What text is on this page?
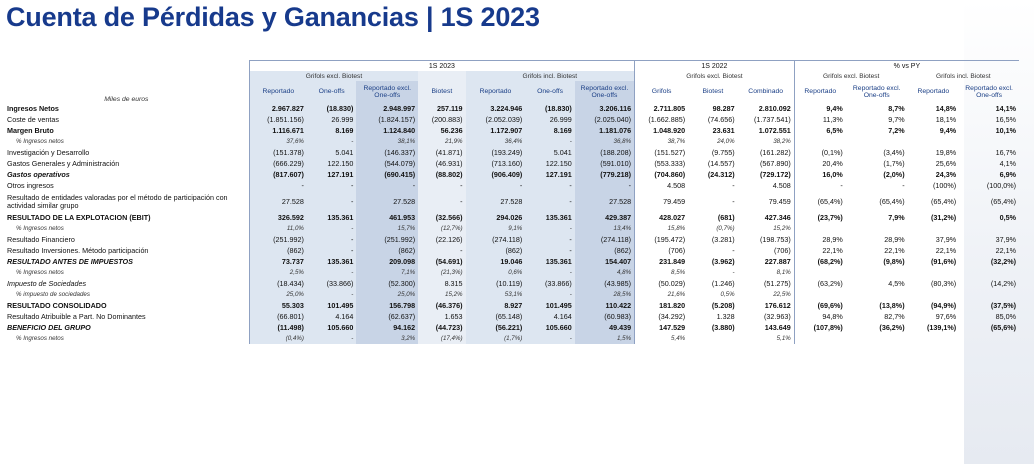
Cuenta de Pérdidas y Ganancias | 1S 2023
	1S 2023							1S 2022			% vs PY			
	Grifols excl. Biotest				Grifols incl. Biotest			Grifols excl. Biotest			Grifols excl. Biotest		Grifols incl. Biotest	
Miles de euros	Reportado	One-offs	Reportado excl. One-offs	Biotest	Reportado	One-offs	Reportado excl. One-offs	Grifols	Biotest	Combinado	Reportado	Reportado excl. One-offs	Reportado	Reportado excl. One-offs
Ingresos Netos	2.967.827	(18.830)	2.948.997	257.119	3.224.946	(18.830)	3.206.116	2.711.805	98.287	2.810.092	9,4%	8,7%	14,8%	14,1%
Coste de ventas	(1.851.156)	26.999	(1.824.157)	(200.883)	(2.052.039)	26.999	(2.025.040)	(1.662.885)	(74.656)	(1.737.541)	11,3%	9,7%	18,1%	16,5%
Margen Bruto	1.116.671	8.169	1.124.840	56.236	1.172.907	8.169	1.181.076	1.048.920	23.631	1.072.551	6,5%	7,2%	9,4%	10,1%
% Ingresos netos	37,6%	-	38,1%	21,9%	36,4%	-	36,8%	38,7%	24,0%	38,2%				
Investigación y Desarrollo	(151.378)	5.041	(146.337)	(41.871)	(193.249)	5.041	(188.208)	(151.527)	(9.755)	(161.282)	(0,1%)	(3,4%)	19,8%	16,7%
Gastos Generales y Administración	(666.229)	122.150	(544.079)	(46.931)	(713.160)	122.150	(591.010)	(553.333)	(14.557)	(567.890)	20,4%	(1,7%)	25,6%	4,1%
Gastos operativos	(817.607)	127.191	(690.415)	(88.802)	(906.409)	127.191	(779.218)	(704.860)	(24.312)	(729.172)	16,0%	(2,0%)	24,3%	6,9%
Otros ingresos	-	-	-	-	-	-	-	4.508	-	4.508	-	-	(100%)	(100,0%)
Resultado de entidades valoradas por el método de participación con actividad similar grupo	27.528	-	27.528	-	27.528	-	27.528	79.459	-	79.459	(65,4%)	(65,4%)	(65,4%)	(65,4%)
RESULTADO DE LA EXPLOTACION (EBIT)	326.592	135.361	461.953	(32.566)	294.026	135.361	429.387	428.027	(681)	427.346	(23,7%)	7,9%	(31,2%)	0,5%
% Ingresos netos	11,0%	-	15,7%	(12,7%)	9,1%	-	13,4%	15,8%	(0,7%)	15,2%				
Resultado Financiero	(251.992)	-	(251.992)	(22.126)	(274.118)	-	(274.118)	(195.472)	(3.281)	(198.753)	28,9%	28,9%	37,9%	37,9%
Resultado Inversiones. Método participación	(862)	-	(862)	-	(862)	-	(862)	(706)	-	(706)	22,1%	22,1%	22,1%	22,1%
RESULTADO ANTES DE IMPUESTOS	73.737	135.361	209.098	(54.691)	19.046	135.361	154.407	231.849	(3.962)	227.887	(68,2%)	(9,8%)	(91,6%)	(32,2%)
% Ingresos netos	2,5%	-	7,1%	(21,3%)	0,6%	-	4,8%	8,5%	-	8,1%				
Impuesto de Sociedades	(18.434)	(33.866)	(52.300)	8.315	(10.119)	(33.866)	(43.985)	(50.029)	(1.246)	(51.275)	(63,2%)	4,5%	(80,3%)	(14,2%)
% impuesto de sociedades	25,0%	-	25,0%	15,2%	53,1%	-	28,5%	21,6%	0,5%	22,5%				
RESULTADO CONSOLIDADO	55.303	101.495	156.798	(46.376)	8.927	101.495	110.422	181.820	(5.208)	176.612	(69,6%)	(13,8%)	(94,9%)	(37,5%)
Resultado Atribuible a Part. No Dominantes	(66.801)	4.164	(62.637)	1.653	(65.148)	4.164	(60.983)	(34.292)	1.328	(32.963)	94,8%	82,7%	97,6%	85,0%
BENEFICIO DEL GRUPO	(11.498)	105.660	94.162	(44.723)	(56.221)	105.660	49.439	147.529	(3.880)	143.649	(107,8%)	(36,2%)	(139,1%)	(65,6%)
% Ingresos netos	(0,4%)	-	3,2%	(17,4%)	(1,7%)	-	1,5%	5,4%		5,1%				
